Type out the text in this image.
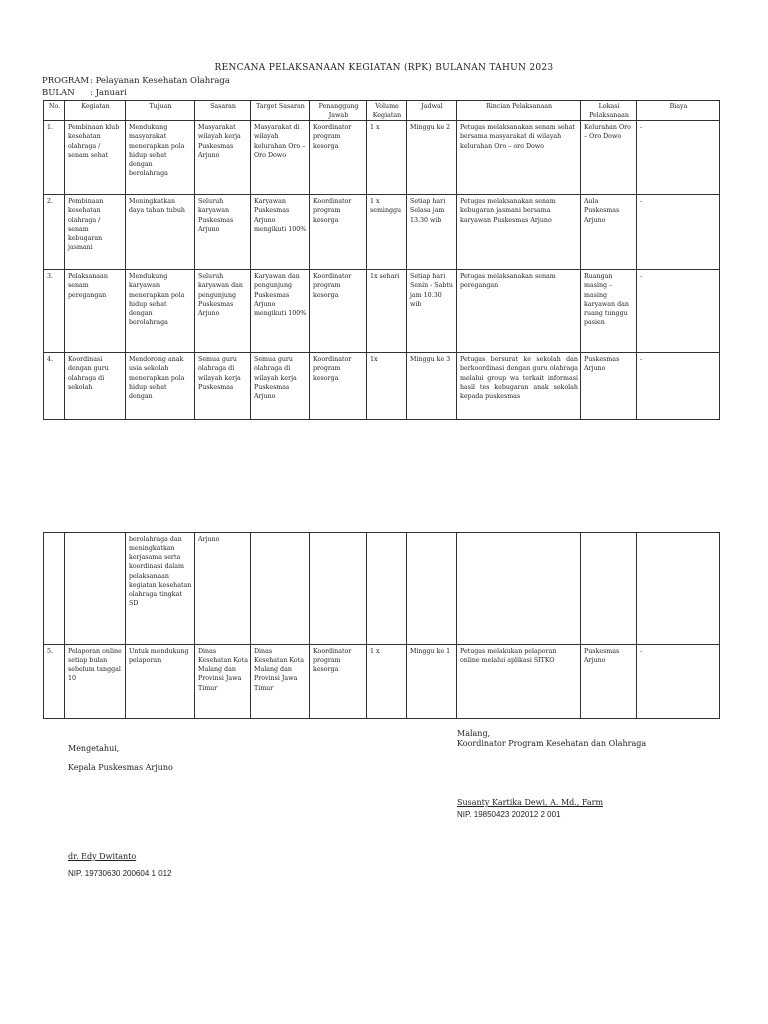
RENCANA PELAKSANAAN KEGIATAN (RPK) BULANAN TAHUN 2023
PROGRAM: Pelayanan Kesehatan Olahraga
BULAN : Januari
No.	Kegiatan	Tujuan	Sasaran	Target Sasaran	Penanggung Jawab	Volume Kegiatan	Jadwal	Rincian Pelaksanaan	Lokasi Pelaksanaan	Biaya
1.	Pembinaan klub kesehatan olahraga / senam sehat	Mendukung masyarakat menerapkan pola hidup sehat dengan berolahraga	Masyarakat wilayah kerja Puskesmas Arjuno	Masyarakat di wilayah kelurahan Oro – Oro Dowo	Koordinator program kesorga	1 x	Minggu ke 2	Petugas melaksanakan senam sehat bersama masyarakat di wilayah kelurahan Oro – oro Dowo	Kelurahan Oro – Oro Dowo	-
2.	Pembinaan kesehatan olahraga / senam kebugaran jasmani	Meningkatkan daya tahan tubuh	Seluruh karyawan Puskesmas Arjuno	Karyawan Puskesmas Arjuno mengikuti 100%	Koordinator program kesorga	1 x seminggu	Setiap hari Selasa jam 13.30 wib	Petugas melaksanakan senam kebugaran jasmani bersama karyawan Puskesmas Arjuno	Aula Puskesmas Arjuno	-
3.	Pelaksanaan senam peregangan	Mendukung karyawan menerapkan pola hidup sehat dengan berolahraga	Seluruh karyawan dan pengunjung Puskesmas Arjuno	Karyawan dan pengunjung Puskesmas Arjuno mengikuti 100%	Koordinator program kesorga	1x sehari	Setiap hari Senin - Sabtu jam 10.30 wib	Petugas melaksanakan senam peregangan	Ruangan masing – masing karyawan dan ruang tunggu pasien	-
4.	Koordinasi dengan guru olahraga di sekolah	Mendorong anak usia sekolah menerapkan pola hidup sehat dengan	Semua guru olahraga di wilayah kerja Puskesmas	Semua guru olahraga di wilayah kerja Puskesmas Arjuno	Koordinator program kesorga	1x	Minggu ke 3	Petugas bersurat ke sekolah dan berkoordinasi dengan guru olahraga melalui group wa terkait informasi hasil tes kebugaran anak sekolah kepada puskesmas	Puskesmas Arjuno	-
		berolahraga dan meningkatkan kerjasama serta koordinasi dalam pelaksanaan kegiatan kesehatan olahraga tingkat SD	Arjuno							
5.	Pelaporan online setiap bulan sebelum tanggal 10	Untuk mendukung pelaporan	Dinas Kesehatan Kota Malang dan Provinsi Jawa Timur	Dinas Kesehatan Kota Malang dan Provinsi Jawa Timur	Koordinator program kesorga	1 x	Minggu ke 1	Petugas melakukan pelaporan online melalui aplikasi SITKO	Puskesmas Arjuno	-
Malang,
Koordinator Program Kesehatan dan Olahraga
Mengetahui,
Kepala Puskesmas Arjuno
Susanty Kartika Dewi, A. Md., Farm
NIP. 19850423 202012 2 001
dr. Edy Dwitanto
NIP. 19730630 200604 1 012
